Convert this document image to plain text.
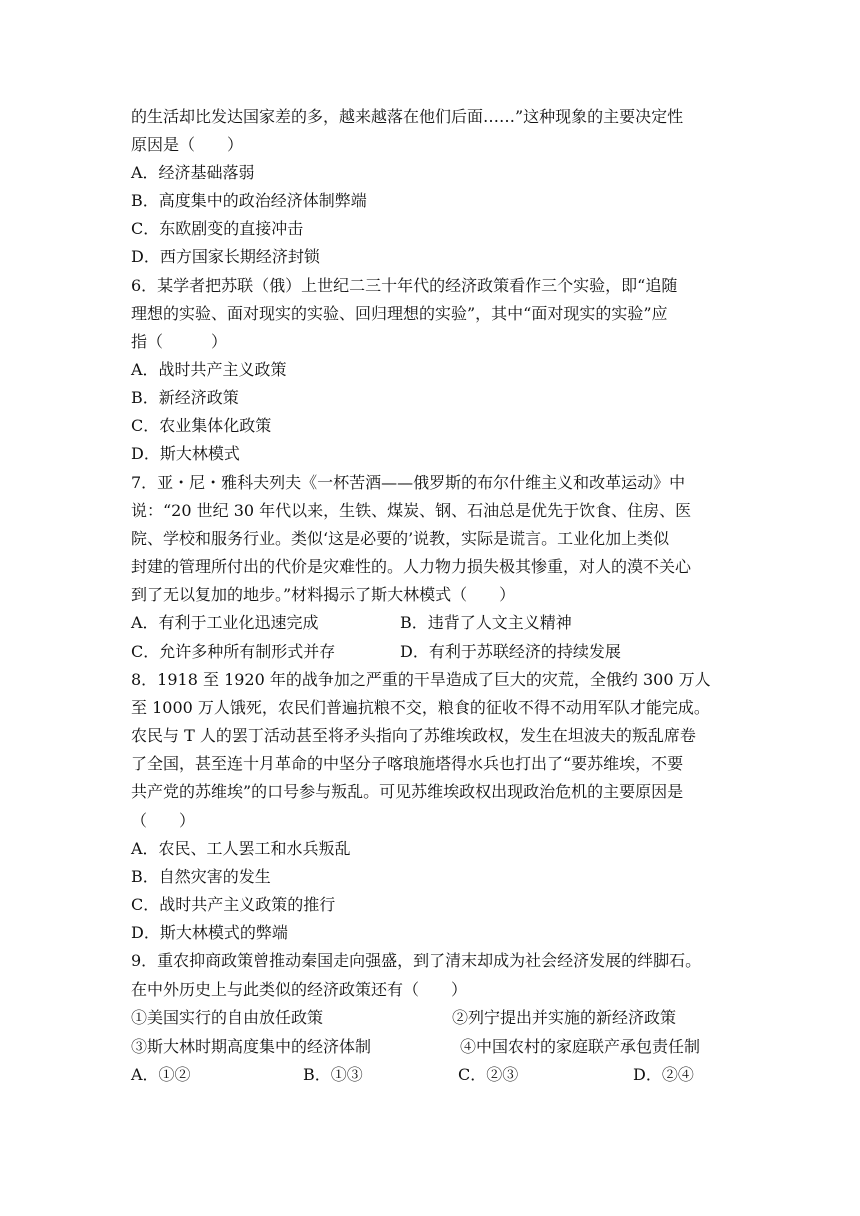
的生活却比发达国家差的多，越来越落在他们后面……”这种现象的主要决定性
原因是（　　）
A．经济基础落弱
B．高度集中的政治经济体制弊端
C．东欧剧变的直接冲击
D．西方国家长期经济封锁
6．某学者把苏联（俄）上世纪二三十年代的经济政策看作三个实验，即“追随
理想的实验、面对现实的实验、回归理想的实验”，其中“面对现实的实验”应
指（　　　）
A．战时共产主义政策
B．新经济政策
C．农业集体化政策
D．斯大林模式
7．亚・尼・雅科夫列夫《一杯苦酒——俄罗斯的布尔什维主义和改革运动》中
说：“20 世纪 30 年代以来，生铁、煤炭、钢、石油总是优先于饮食、住房、医
院、学校和服务行业。类似‘这是必要的’说教，实际是谎言。工业化加上类似
封建的管理所付出的代价是灾难性的。人力物力损失极其惨重，对人的漠不关心
到了无以复加的地步。”材料揭示了斯大林模式（　　）
A．有利于工业化迅速完成	B．违背了人文主义精神
C．允许多种所有制形式并存	D．有利于苏联经济的持续发展
8．1918 至 1920 年的战争加之严重的干旱造成了巨大的灾荒，全俄约 300 万人
至 1000 万人饿死，农民们普遍抗粮不交，粮食的征收不得不动用军队才能完成。
农民与 T 人的罢丁活动甚至将矛头指向了苏维埃政权，发生在坦波夫的叛乱席卷
了全国，甚至连十月革命的中坚分子喀琅施塔得水兵也打出了“要苏维埃，不要
共产党的苏维埃”的口号参与叛乱。可见苏维埃政权出现政治危机的主要原因是
（　　）
A．农民、工人罢工和水兵叛乱
B．自然灾害的发生
C．战时共产主义政策的推行
D．斯大林模式的弊端
9．重农抑商政策曾推动秦国走向强盛，到了清末却成为社会经济发展的绊脚石。
在中外历史上与此类似的经济政策还有（　　）
①美国实行的自由放任政策	②列宁提出并实施的新经济政策
③斯大林时期高度集中的经济体制	④中国农村的家庭联产承包责任制
A．①②	B．①③	C．②③	D．②④
